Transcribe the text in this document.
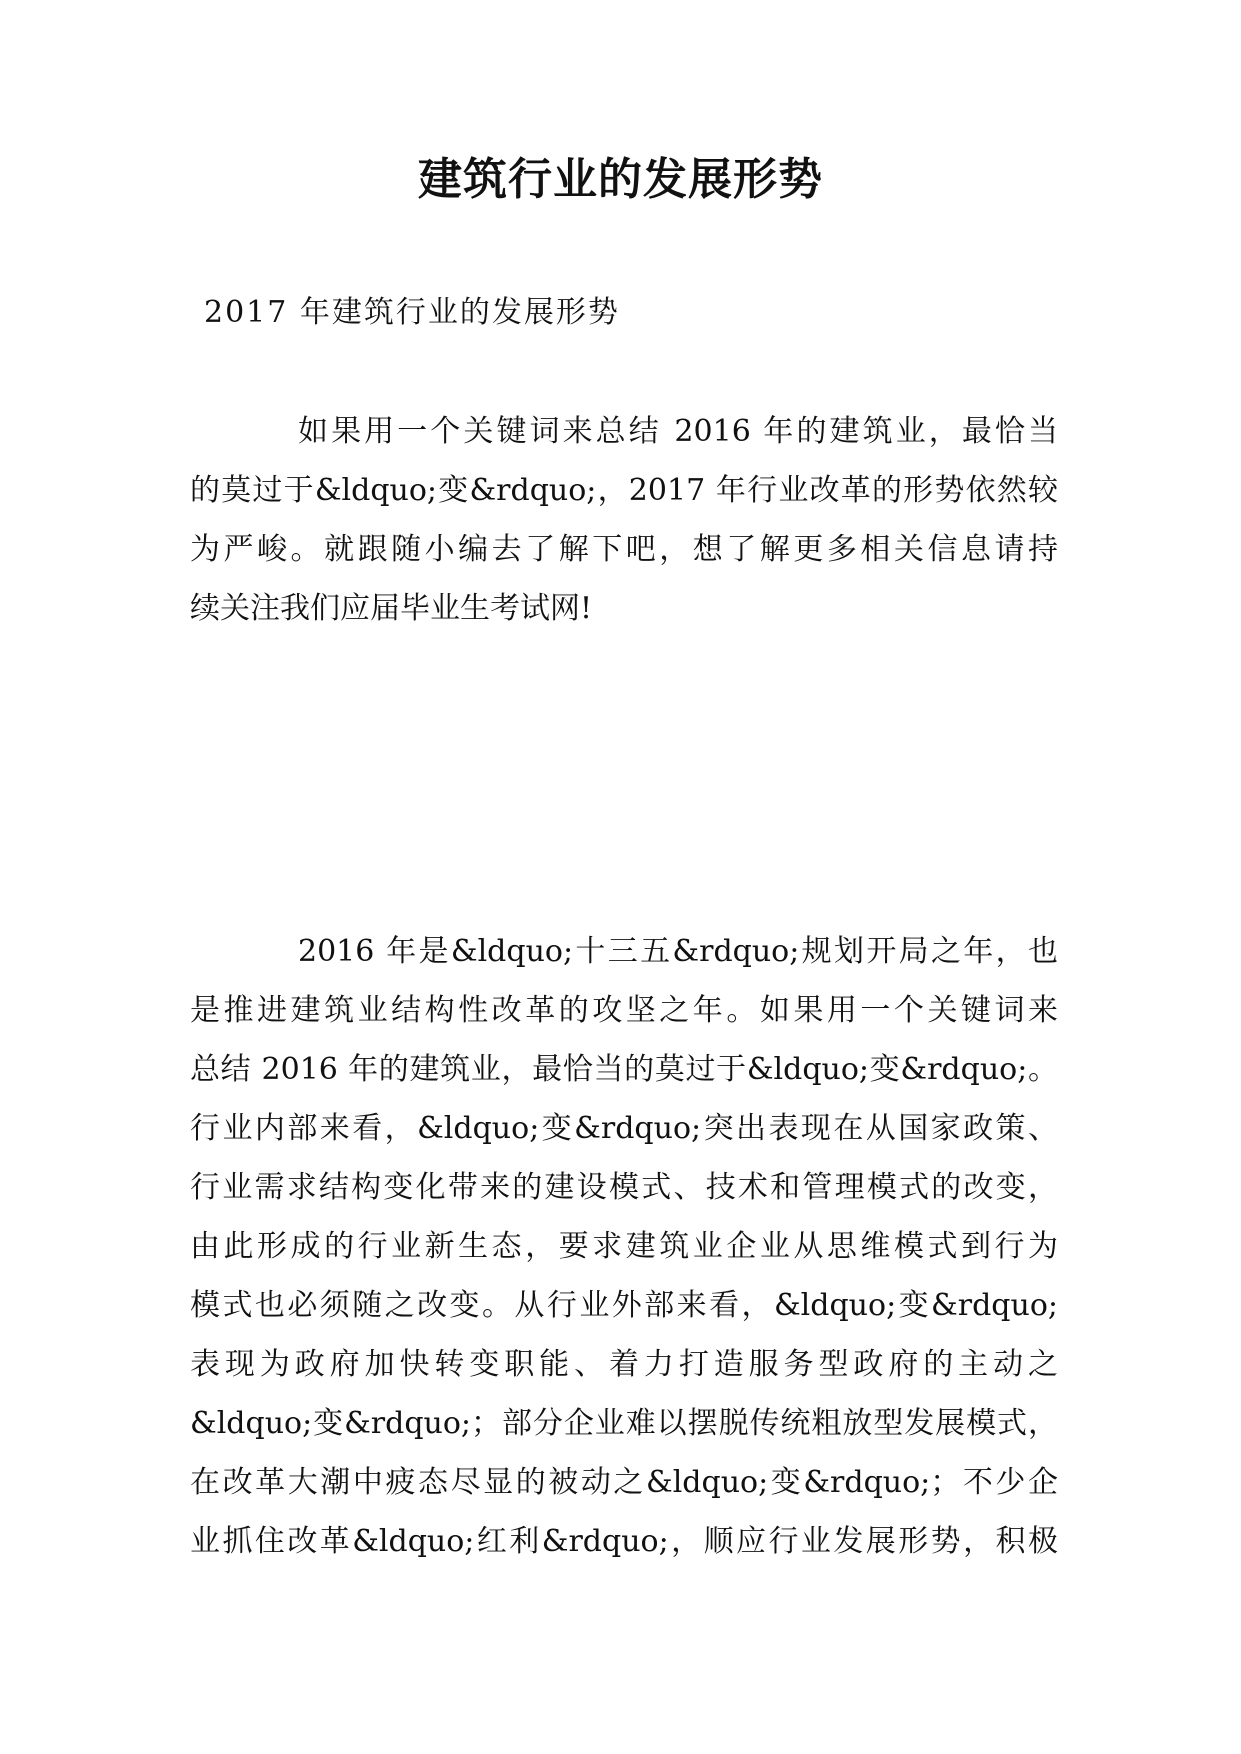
建筑行业的发展形势

2017 年建筑行业的发展形势

如果用一个关键词来总结 2016 年的建筑业，最恰当
的莫过于&ldquo;变&rdquo;，2017 年行业改革的形势依然较
为严峻。就跟随小编去了解下吧，想了解更多相关信息请持
续关注我们应届毕业生考试网!
2016 年是&ldquo;十三五&rdquo;规划开局之年，也
是推进建筑业结构性改革的攻坚之年。如果用一个关键词来
总结 2016 年的建筑业，最恰当的莫过于&ldquo;变&rdquo;。
行业内部来看，&ldquo;变&rdquo;突出表现在从国家政策、
行业需求结构变化带来的建设模式、技术和管理模式的改变，
由此形成的行业新生态，要求建筑业企业从思维模式到行为
模式也必须随之改变。从行业外部来看，&ldquo;变&rdquo;
表现为政府加快转变职能、着力打造服务型政府的主动之
&ldquo;变&rdquo;；部分企业难以摆脱传统粗放型发展模式，
在改革大潮中疲态尽显的被动之&ldquo;变&rdquo;；不少企
业抓住改革&ldquo;红利&rdquo;，顺应行业发展形势，积极
